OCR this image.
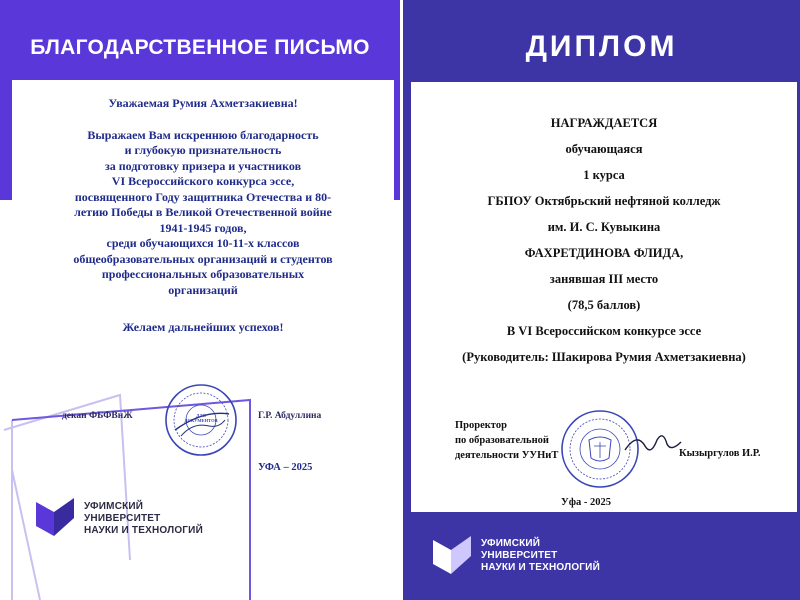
БЛАГОДАРСТВЕННОЕ ПИСЬМО
Уважаемая Румия Ахметзакиевна!
Выражаем Вам искреннюю благодарность
и глубокую признательность
за подготовку призера и участников
VI Всероссийского конкурса эссе,
посвященного Году защитника Отечества и 80-
летию Победы в Великой Отечественной войне
1941-1945 годов,
среди обучающихся 10-11-х классов
общеобразовательных организаций и студентов
профессиональных образовательных
организаций
Желаем дальнейших успехов!
декан ФБФВнЖ	ДЛЯ ДОКУМЕНТОВ	Г.Р. Абдуллина
УФА – 2025
УФИМСКИЙ
УНИВЕРСИТЕТ
НАУКИ И ТЕХНОЛОГИЙ
ДИПЛОМ
НАГРАЖДАЕТСЯ
обучающаяся
1 курса
ГБПОУ Октябрьский нефтяной колледж
им. И. С. Кувыкина
ФАХРЕТДИНОВА ФЛИДА,
занявшая III место
(78,5 баллов)
В VI Всероссийском конкурсе эссе
(Руководитель: Шакирова Румия Ахметзакиевна)
Проректор
по образовательной
деятельности УУНиТ	Кызыргулов И.Р.
Уфа - 2025
УФИМСКИЙ
УНИВЕРСИТЕТ
НАУКИ И ТЕХНОЛОГИЙ
